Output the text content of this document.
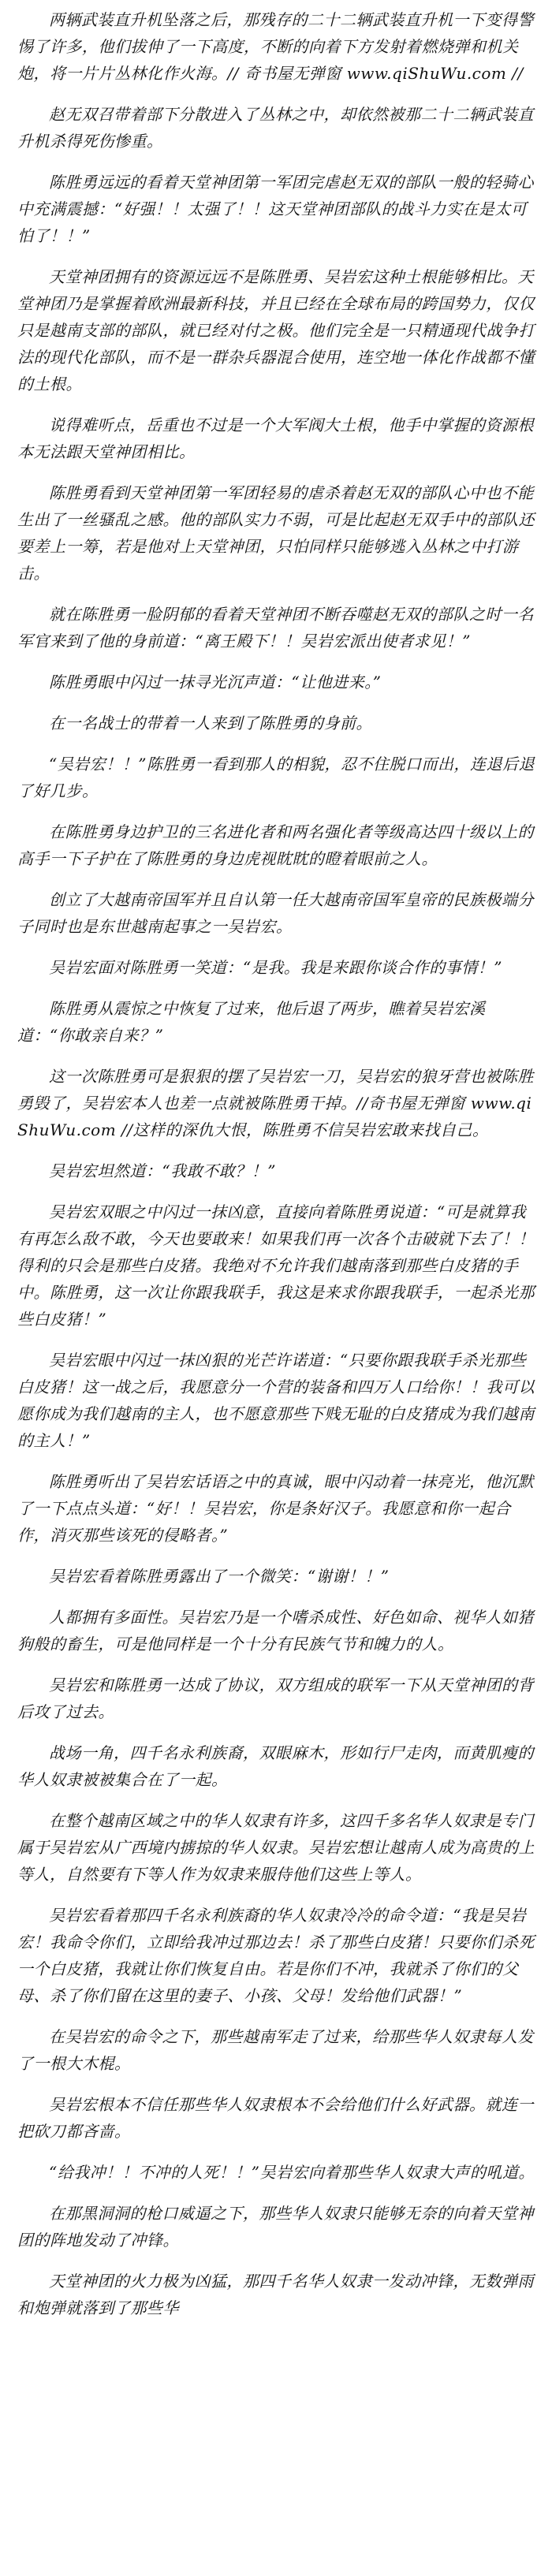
两辆武装直升机坠落之后，那残存的二十二辆武装直升机一下变得警惕了许多，他们拔伸了一下高度，不断的向着下方发射着燃烧弹和机关炮，将一片片丛林化作火海。// 奇书屋无弹窗 www.qiShuWu.com //

赵无双召带着部下分散进入了丛林之中，却依然被那二十二辆武装直升机杀得死伤惨重。

陈胜勇远远的看着天堂神团第一军团完虐赵无双的部队一般的轻骑心中充满震撼：“好强！！太强了！！这天堂神团部队的战斗力实在是太可怕了！！”

天堂神团拥有的资源远远不是陈胜勇、吴岩宏这种土根能够相比。天堂神团乃是掌握着欧洲最新科技，并且已经在全球布局的跨国势力，仅仅只是越南支部的部队，就已经对付之极。他们完全是一只精通现代战争打法的现代化部队，而不是一群杂兵器混合使用，连空地一体化作战都不懂的土根。

说得难听点，岳重也不过是一个大军阀大土根，他手中掌握的资源根本无法跟天堂神团相比。

陈胜勇看到天堂神团第一军团轻易的虐杀着赵无双的部队心中也不能生出了一丝骚乱之感。他的部队实力不弱，可是比起赵无双手中的部队还要差上一筹，若是他对上天堂神团，只怕同样只能够逃入丛林之中打游击。

就在陈胜勇一脸阴郁的看着天堂神团不断吞噬赵无双的部队之时一名军官来到了他的身前道：“离王殿下！！吴岩宏派出使者求见！”

陈胜勇眼中闪过一抹寻光沉声道：“让他进来。”

在一名战士的带着一人来到了陈胜勇的身前。

“吴岩宏！！”陈胜勇一看到那人的相貌，忍不住脱口而出，连退后退了好几步。

在陈胜勇身边护卫的三名进化者和两名强化者等级高达四十级以上的高手一下子护在了陈胜勇的身边虎视眈眈的瞪着眼前之人。

创立了大越南帝国军并且自认第一任大越南帝国军皇帝的民族极端分子同时也是东世越南起事之一吴岩宏。

吴岩宏面对陈胜勇一笑道：“是我。我是来跟你谈合作的事情！”

陈胜勇从震惊之中恢复了过来，他后退了两步，瞧着吴岩宏溪道：“你敢亲自来？”

这一次陈胜勇可是狠狠的摆了吴岩宏一刀，吴岩宏的狼牙营也被陈胜勇毁了，吴岩宏本人也差一点就被陈胜勇干掉。//奇书屋无弹窗 www.qiShuWu.com //这样的深仇大恨，陈胜勇不信吴岩宏敢来找自己。

吴岩宏坦然道：“我敢不敢？！”

吴岩宏双眼之中闪过一抹凶意，直接向着陈胜勇说道：“可是就算我有再怎么敌不敢，今天也要敢来！如果我们再一次各个击破就下去了！！得利的只会是那些白皮猪。我绝对不允许我们越南落到那些白皮猪的手中。陈胜勇，这一次让你跟我联手，我这是来求你跟我联手，一起杀光那些白皮猪！”

吴岩宏眼中闪过一抹凶狠的光芒许诺道：“只要你跟我联手杀光那些白皮猪！这一战之后，我愿意分一个营的装备和四万人口给你！！我可以愿你成为我们越南的主人，也不愿意那些下贱无耻的白皮猪成为我们越南的主人！”

陈胜勇听出了吴岩宏话语之中的真诚，眼中闪动着一抹亮光，他沉默了一下点点头道：“好！！吴岩宏，你是条好汉子。我愿意和你一起合作，消灭那些该死的侵略者。”

吴岩宏看着陈胜勇露出了一个微笑：“谢谢！！”

人都拥有多面性。吴岩宏乃是一个嗜杀成性、好色如命、视华人如猪狗般的畜生，可是他同样是一个十分有民族气节和魄力的人。

吴岩宏和陈胜勇一达成了协议，双方组成的联军一下从天堂神团的背后攻了过去。

战场一角，四千名永利族裔，双眼麻木，形如行尸走肉，而黄肌瘦的华人奴隶被被集合在了一起。

在整个越南区域之中的华人奴隶有许多，这四千多名华人奴隶是专门属于吴岩宏从广西境内掳掠的华人奴隶。吴岩宏想让越南人成为高贵的上等人，自然要有下等人作为奴隶来服侍他们这些上等人。

吴岩宏看着那四千名永利族裔的华人奴隶冷冷的命令道：“我是吴岩宏！我命令你们，立即给我冲过那边去！杀了那些白皮猪！只要你们杀死一个白皮猪，我就让你们恢复自由。若是你们不冲，我就杀了你们的父母、杀了你们留在这里的妻子、小孩、父母！发给他们武器！”

在吴岩宏的命令之下，那些越南军走了过来，给那些华人奴隶每人发了一根大木棍。

吴岩宏根本不信任那些华人奴隶根本不会给他们什么好武器。就连一把砍刀都吝啬。

“给我冲！！不冲的人死！！”吴岩宏向着那些华人奴隶大声的吼道。

在那黑洞洞的枪口威逼之下，那些华人奴隶只能够无奈的向着天堂神团的阵地发动了冲锋。

天堂神团的火力极为凶猛，那四千名华人奴隶一发动冲锋，无数弹雨和炮弹就落到了那些华
